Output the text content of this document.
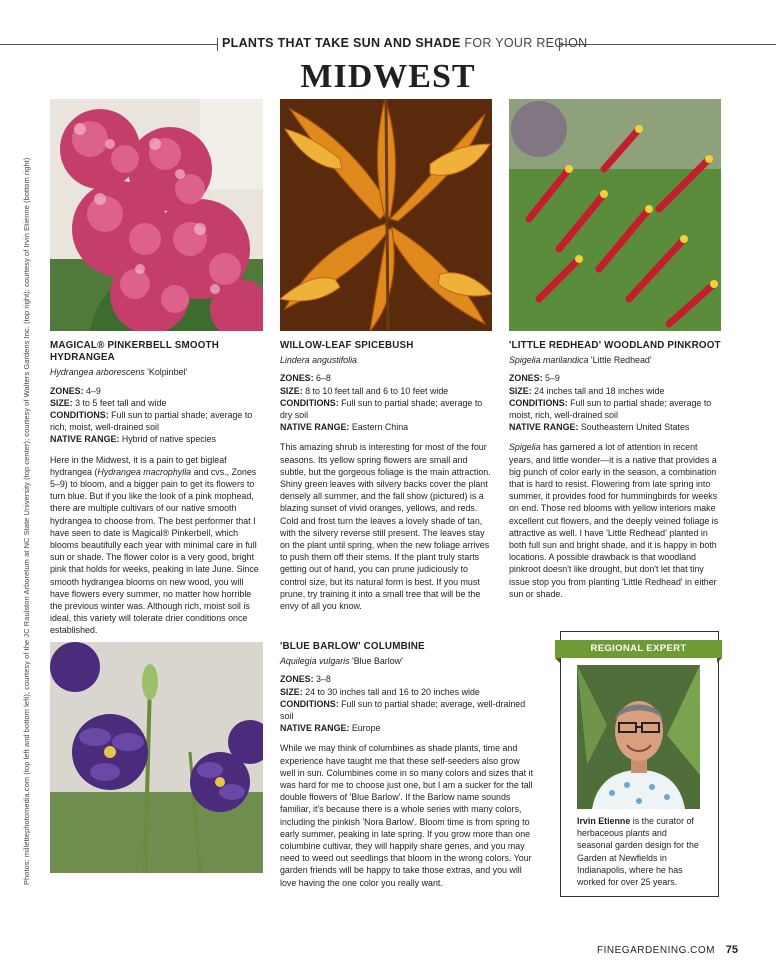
PLANTS THAT TAKE SUN AND SHADE FOR YOUR REGION
MIDWEST
Photos: millettephotomedia.com (top left and bottom left); courtesy of the JC Raulston Arboretum at NC State University (top center); courtesy of Walters Gardens Inc. (top right); courtesy of Irvin Etienne (bottom right)	MAGICAL® PINKERBELL SMOOTH HYDRANGEA

Hydrangea arborescens 'Kolpinbel'

ZONES: 4–9

SIZE: 3 to 5 feet tall and wide

CONDITIONS: Full sun to partial shade; average to rich, moist, well-drained soil

NATIVE RANGE: Hybrid of native species

Here in the Midwest, it is a pain to get bigleaf hydrangea (Hydrangea macrophylla and cvs., Zones 5–9) to bloom, and a bigger pain to get its flowers to turn blue. But if you like the look of a pink mophead, there are multiple cultivars of our native smooth hydrangea to choose from. The best performer that I have seen to date is Magical® Pinkerbell, which blooms beautifully each year with minimal care in full sun or shade. The flower color is a very good, bright pink that holds for weeks, peaking in late June. Since smooth hydrangea blooms on new wood, you will have flowers every summer, no matter how horrible the previous winter was. Although rich, moist soil is ideal, this variety will tolerate drier conditions once established.

WILLOW-LEAF SPICEBUSH

Lindera angustifolia

ZONES: 6–8

SIZE: 8 to 10 feet tall and 6 to 10 feet wide

CONDITIONS: Full sun to partial shade; average to dry soil

NATIVE RANGE: Eastern China

This amazing shrub is interesting for most of the four seasons. Its yellow spring flowers are small and subtle, but the gorgeous foliage is the main attraction. Shiny green leaves with silvery backs cover the plant densely all summer, and the fall show (pictured) is a blazing sunset of vivid oranges, yellows, and reds. Cold and frost turn the leaves a lovely shade of tan, with the silvery reverse still present. The leaves stay on the plant until spring, when the new foliage arrives to push them off their stems. If the plant truly starts getting out of hand, you can prune judiciously to control size, but its natural form is best. If you must prune, try training it into a small tree that will be the envy of all you know.

'LITTLE REDHEAD' WOODLAND PINKROOT

Spigelia marilandica 'Little Redhead'

ZONES: 5–9

SIZE: 24 inches tall and 18 inches wide

CONDITIONS: Full sun to partial shade; average to moist, rich, well-drained soil

NATIVE RANGE: Southeastern United States

Spigelia has garnered a lot of attention in recent years, and little wonder—it is a native that provides a big punch of color early in the season, a combination that is hard to resist. Flowering from late spring into summer, it provides food for hummingbirds for weeks on end. Those red blooms with yellow interiors make excellent cut flowers, and the deeply veined foliage is attractive as well. I have 'Little Redhead' planted in both full sun and bright shade, and it is happy in both locations. A possible drawback is that woodland pinkroot doesn't like drought, but don't let that tiny issue stop you from planting 'Little Redhead' in either sun or shade.

'BLUE BARLOW' COLUMBINE

Aquilegia vulgaris 'Blue Barlow'

ZONES: 3–8

SIZE: 24 to 30 inches tall and 16 to 20 inches wide

CONDITIONS: Full sun to partial shade; average, well-drained soil

NATIVE RANGE: Europe

While we may think of columbines as shade plants, time and experience have taught me that these self-seeders also grow well in sun. Columbines come in so many colors and sizes that it was hard for me to choose just one, but I am a sucker for the tall double flowers of 'Blue Barlow'. If the Barlow name sounds familiar, it's because there is a whole series with many colors, including the pinkish 'Nora Barlow'. Bloom time is from spring to early summer, peaking in late spring. If you grow more than one columbine cultivar, they will happily share genes, and you may need to weed out seedlings that bloom in the wrong colors. Your garden friends will be happy to take those extras, and you will love having the one color you really want.

REGIONAL EXPERT
Irvin Etienne is the curator of herbaceous plants and seasonal garden design for the Garden at Newfields in Indianapolis, where he has worked for over 25 years.
FINEGARDENING.COM 75
